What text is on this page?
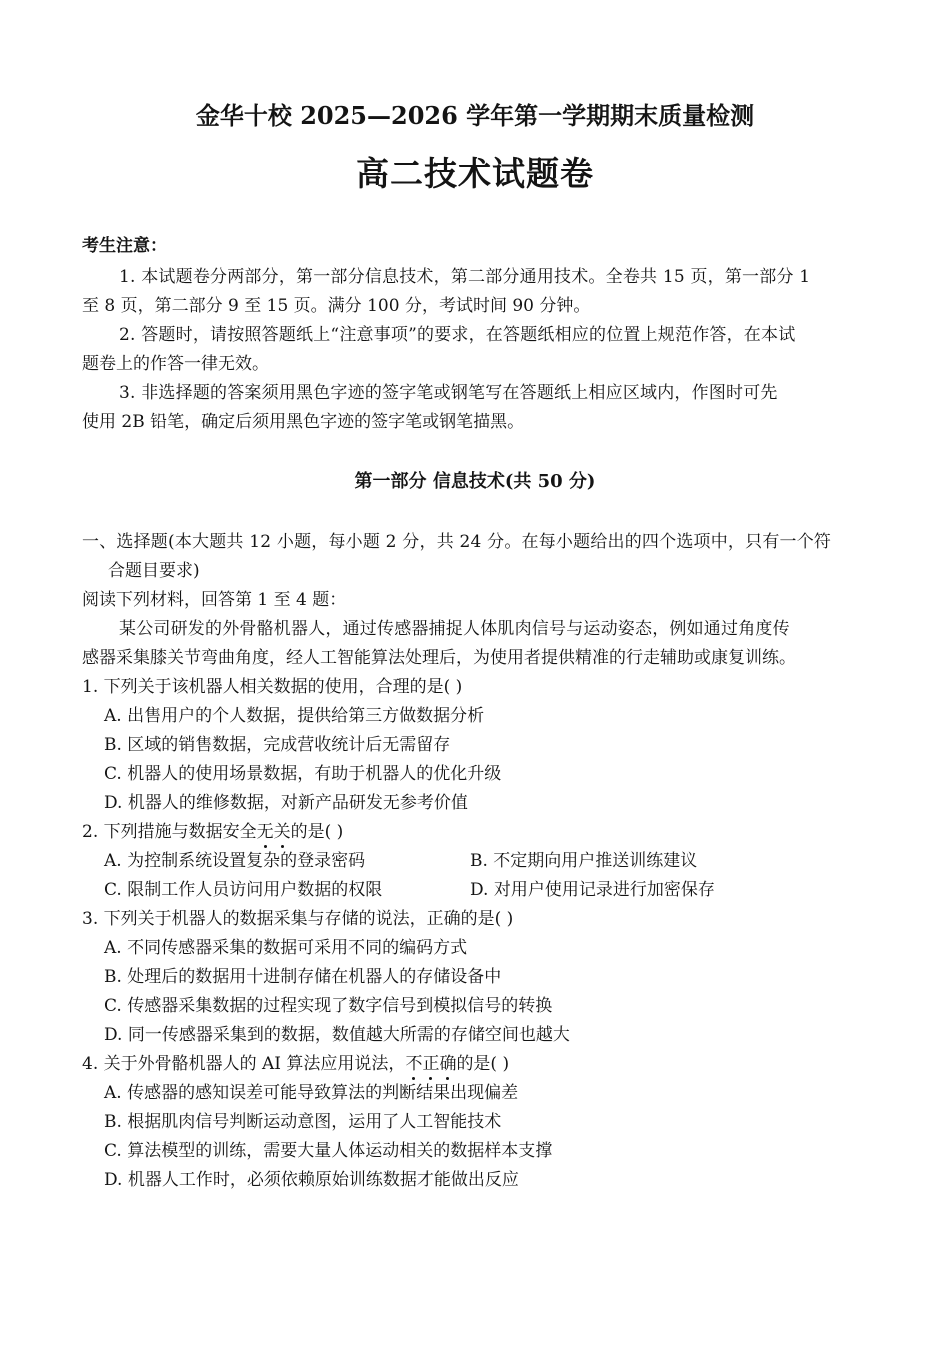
金华十校 2025—2026 学年第一学期期末质量检测
高二技术试题卷
考生注意：
1. 本试题卷分两部分，第一部分信息技术，第二部分通用技术。全卷共 15 页，第一部分 1
至 8 页，第二部分 9 至 15 页。满分 100 分，考试时间 90 分钟。
2. 答题时，请按照答题纸上“注意事项”的要求，在答题纸相应的位置上规范作答，在本试
题卷上的作答一律无效。
3. 非选择题的答案须用黑色字迹的签字笔或钢笔写在答题纸上相应区域内，作图时可先
使用 2B 铅笔，确定后须用黑色字迹的签字笔或钢笔描黑。
第一部分 信息技术(共 50 分)
一、选择题(本大题共 12 小题，每小题 2 分，共 24 分。在每小题给出的四个选项中，只有一个符
合题目要求)
阅读下列材料，回答第 1 至 4 题：
某公司研发的外骨骼机器人，通过传感器捕捉人体肌肉信号与运动姿态，例如通过角度传
感器采集膝关节弯曲角度，经人工智能算法处理后，为使用者提供精准的行走辅助或康复训练。
1. 下列关于该机器人相关数据的使用，合理的是( )
A. 出售用户的个人数据，提供给第三方做数据分析
B. 区域的销售数据，完成营收统计后无需留存
C. 机器人的使用场景数据，有助于机器人的优化升级
D. 机器人的维修数据，对新产品研发无参考价值
2. 下列措施与数据安全无关的是( )
A. 为控制系统设置复杂的登录密码	B. 不定期向用户推送训练建议
C. 限制工作人员访问用户数据的权限	D. 对用户使用记录进行加密保存
3. 下列关于机器人的数据采集与存储的说法，正确的是( )
A. 不同传感器采集的数据可采用不同的编码方式
B. 处理后的数据用十进制存储在机器人的存储设备中
C. 传感器采集数据的过程实现了数字信号到模拟信号的转换
D. 同一传感器采集到的数据，数值越大所需的存储空间也越大
4. 关于外骨骼机器人的 AI 算法应用说法，不正确的是( )
A. 传感器的感知误差可能导致算法的判断结果出现偏差
B. 根据肌肉信号判断运动意图，运用了人工智能技术
C. 算法模型的训练，需要大量人体运动相关的数据样本支撑
D. 机器人工作时，必须依赖原始训练数据才能做出反应
